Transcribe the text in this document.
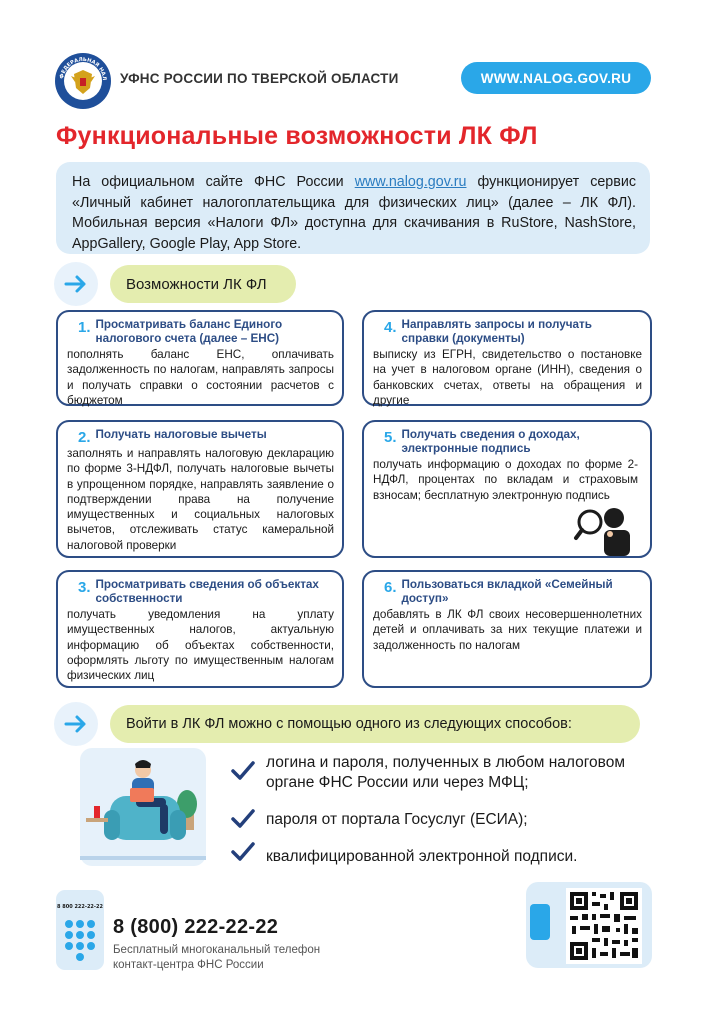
ФЕДЕРАЛЬНАЯ НАЛ УФНС РОССИИ ПО ТВЕРСКОЙ ОБЛАСТИ	WWW.NALOG.GOV.RU
Функциональные возможности ЛК ФЛ

На официальном сайте ФНС России www.nalog.gov.ru функционирует сервис «Личный кабинет налогоплательщика для физических лиц» (далее – ЛК ФЛ). Мобильная версия «Налоги ФЛ» доступна для скачивания в RuStore, NashStore, AppGallery, Google Play, App Store.

Возможности ЛК ФЛ
1. Просматривать баланс Единого налогового счета (далее – ЕНС)
пополнять баланс ЕНС, оплачивать задолженность по налогам, направлять запросы и получать справки о состоянии расчетов с бюджетом
4. Направлять запросы и получать справки (документы)
выписку из ЕГРН, свидетельство о постановке на учет в налоговом органе (ИНН), сведения о банковских счетах, ответы на обращения и другие
2. Получать налоговые вычеты
заполнять и направлять налоговую декларацию по форме 3-НДФЛ, получать налоговые вычеты в упрощенном порядке, направлять заявление о подтверждении права на получение имущественных и социальных налоговых вычетов, отслеживать статус камеральной налоговой проверки
5. Получать сведения о доходах, электронные подпись
получать информацию о доходах по форме 2-НДФЛ, процентах по вкладам и страховым взносам; бесплатную электронную подпись
3. Просматривать сведения об объектах собственности
получать уведомления на уплату имущественных налогов, актуальную информацию об объектах собственности, оформлять льготу по имущественным налогам физических лиц
6. Пользоваться вкладкой «Семейный доступ»
добавлять в ЛК ФЛ своих несовершеннолетних детей и оплачивать за них текущие платежи и задолженность по налогам
Войти в ЛК ФЛ можно с помощью одного из следующих способов:
логина и пароля, полученных в любом налоговом органе ФНС России или через МФЦ;
пароля от портала Госуслуг (ЕСИА);
квалифицированной электронной подписи.
8 800 222-22-22
8 (800) 222-22-22
Бесплатный многоканальный телефон
контакт-центра ФНС России
